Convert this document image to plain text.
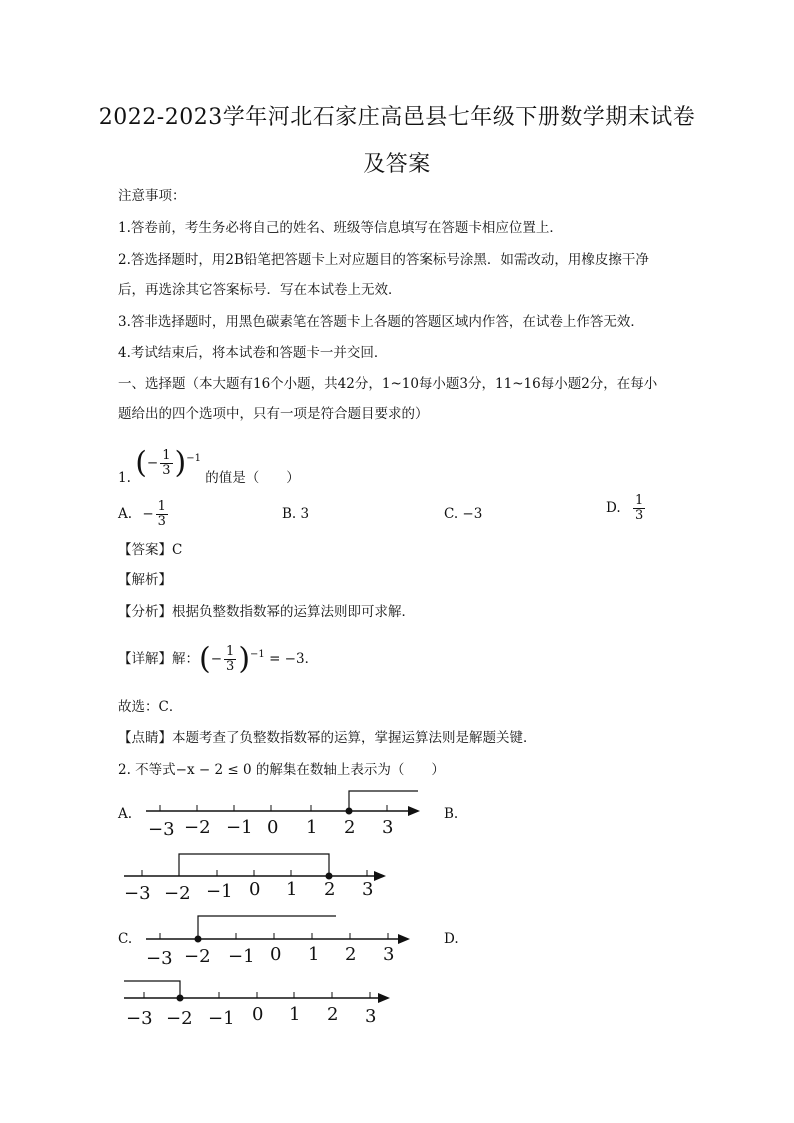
2022-2023学年河北石家庄高邑县七年级下册数学期末试卷
及答案
注意事项：
1.答卷前，考生务必将自己的姓名、班级等信息填写在答题卡相应位置上．
2.答选择题时，用2B铅笔把答题卡上对应题目的答案标号涂黑．如需改动，用橡皮擦干净
后，再选涂其它答案标号．写在本试卷上无效．
3.答非选择题时，用黑色碳素笔在答题卡上各题的答题区域内作答，在试卷上作答无效．
4.考试结束后，将本试卷和答题卡一并交回．
一、选择题（本大题有16个小题，共42分，1~10每小题3分，11~16每小题2分，在每小
题给出的四个选项中，只有一项是符合题目要求的）
1. (− $\frac{1}{3} )^{-1}$ 的值是（　　）
A. − $\frac{1}{3}$	B. 3	C. −3	D. $\frac{1}{3}$
【答案】C
【解析】
【分析】根据负整数指数幂的运算法则即可求解．
【详解】解：(− $\frac{1}{3} )^{-1} = -3$．
故选：C．
【点睛】本题考查了负整数指数幂的运算，掌握运算法则是解题关键．
2. 不等式−x − 2 ≤ 0 的解集在数轴上表示为（　　）
A.	B.
C.	D.
−3 −2 −1 0 1 2 3
−3 −2 −1 0 1 2 3
−3 −2 −1 0 1 2 3
−3 −2 −1 0 1 2 3
